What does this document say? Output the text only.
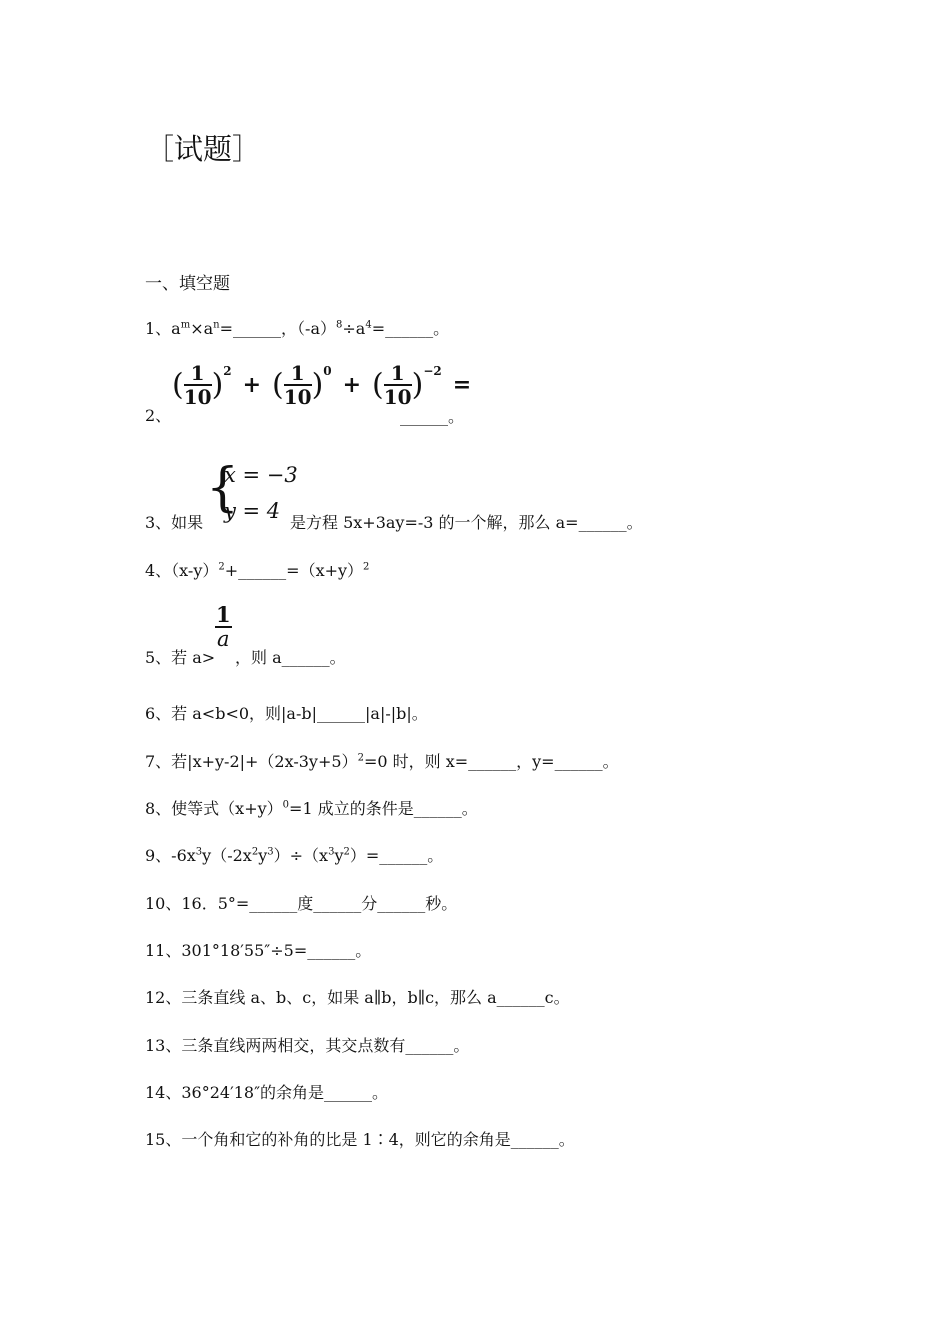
［试题］
一、填空题
1、$a^m\times a^n=\_\_\_\_\_\_$，$(-a)^8\div a^4=\_\_\_\_\_\_$。
2、
( $\frac{1}{10} )^2$ + ( $\frac{1}{10} )^0$ + ( $\frac{1}{10} )^{-2}$ =
______。
3、如果
{
x = −3
y = 4 是方程 5x+3ay=-3 的一个解，那么 a=______。
4、$(x-y)^2+\_\_\_\_\_\_=(x+y)^2$
5、若 a>
$\frac{1}{a}$
，则 a______。
6、若 a<b<0，则|a-b|______|a|-|b|。
7、若$|x+y-2|+(2x-3y+5)^2=0$ 时，则 x=______，y=______。
8、使等式$(x+y)^0=1$ 成立的条件是______。
9、$-6x^3y(-2x^2y^3)\div(x^3y^2)=\_\_\_\_\_\_$。
10、16．5°=______度______分______秒。
11、301°18′55″÷5=______。
12、三条直线 a、b、c，如果 a∥b，b∥c，那么 a______c。
13、三条直线两两相交，其交点数有______。
14、36°24′18″的余角是______。
15、一个角和它的补角的比是 1∶4，则它的余角是______。
